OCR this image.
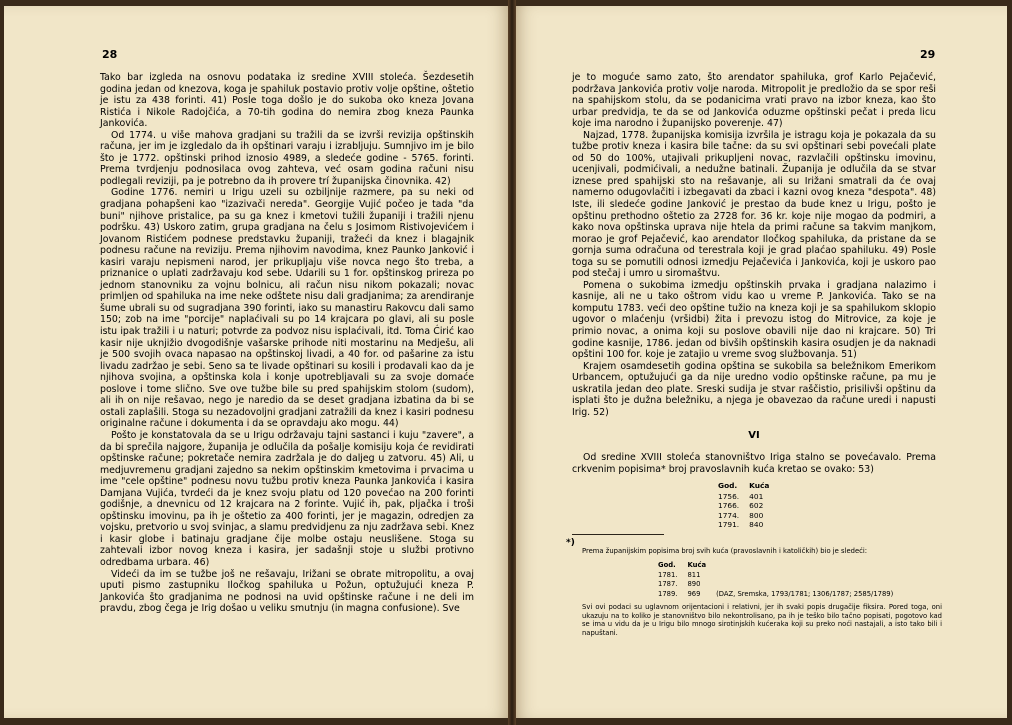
28	29

Tako bar izgleda na osnovu podataka iz sredine XVIII stoleća. Šezdesetih godina jedan od knezova, koga je spahiluk postavio protiv volje opštine, oštetio je istu za 438 forinti. 41) Posle toga došlo je do sukoba oko kneza Jovana Ristića i Nikole Radojčića, a 70-tih godina do nemira zbog kneza Paunka Jankovića.

Od 1774. u više mahova gradjani su tražili da se izvrši revizija opštinskih računa, jer im je izgledalo da ih opštinari varaju i izrabljuju. Sumnjivo im je bilo što je 1772. opštinski prihod iznosio 4989, a sledeće godine - 5765. forinti. Prema tvrdjenju podnosilaca ovog zahteva, već osam godina računi nisu podlegali reviziji, pa je potrebno da ih provere trí županijska činovnika. 42)

Godine 1776. nemiri u Irigu uzeli su ozbiljnije razmere, pa su neki od gradjana pohapšeni kao "izazivači nereda". Georgije Vujić počeo je tada "da buni" njihove pristalice, pa su ga knez i kmetovi tužili županiji i tražili njenu podršku. 43) Uskoro zatim, grupa gradjana na čelu s Josimom Ristivojevićem i Jovanom Ristićem podnese predstavku županiji, tražeći da knez i blagajnik podnesu račune na reviziju. Prema njihovim navodima, knez Paunko Janković i kasiri varaju nepismeni narod, jer prikupljaju više novca nego što treba, a priznanice o uplati zadržavaju kod sebe. Udarili su 1 for. opštinskog prireza po jednom stanovniku za vojnu bolnicu, ali račun nisu nikom pokazali; novac primljen od spahiluka na ime neke odštete nisu dali gradjanima; za arendiranje šume ubrali su od sugradjana 390 forinti, iako su manastiru Rakovcu dali samo 150; zob na ime "porcije" naplaćivali su po 14 krajcara po glavi, ali su posle istu ipak tražili i u naturi; potvrde za podvoz nisu isplaćivali, itd. Toma Ćirić kao kasir nije uknjižio dvogodišnje vašarske prihode niti mostarinu na Medješu, ali je 500 svojih ovaca napasao na opštinskoj livadi, a 40 for. od pašarine za istu livadu zadržao je sebi. Seno sa te livade opštinari su kosili i prodavali kao da je njihova svojina, a opštinska kola i konje upotrebljavali su za svoje domaće poslove i tome slično. Sve ove tužbe bile su pred spahijskim stolom (sudom), ali ih on nije rešavao, nego je naredio da se deset gradjana izbatina da bi se ostali zaplašili. Stoga su nezadovoljni gradjani zatražili da knez i kasiri podnesu originalne račune i dokumenta i da se opravdaju ako mogu. 44)

Pošto je konstatovala da se u Irigu održavaju tajni sastanci i kuju "zavere", a da bi sprečila najgore, županija je odlučila da pošalje komisiju koja će revidirati opštinske račune; pokretače nemira zadržala je do daljeg u zatvoru. 45) Ali, u medjuvremenu gradjani zajedno sa nekim opštinskim kmetovima i prvacima u ime "cele opštine" podnesu novu tužbu protiv kneza Paunka Jankovića i kasira Damjana Vujića, tvrdeći da je knez svoju platu od 120 povećao na 200 forinti godišnje, a dnevnicu od 12 krajcara na 2 forinte. Vujić ih, pak, pljačka i troši opštinsku imovinu, pa ih je oštetio za 400 forinti, jer je magazin, odredjen za vojsku, pretvorio u svoj svinjac, a slamu predvidjenu za nju zadržava sebi. Knez i kasir globe i batinaju gradjane čije molbe ostaju neuslišene. Stoga su zahtevali izbor novog kneza i kasira, jer sadašnji stoje u službi protivno odredbama urbara. 46)

Videći da im se tužbe još ne rešavaju, Irižani se obrate mitropolitu, a ovaj uputi pismo zastupniku Iločkog spahiluka u Požun, optužujući kneza P. Jankovića što gradjanima ne podnosi na uvid opštinske račune i ne deli im pravdu, zbog čega je Irig došao u veliku smutnju (in magna confusione). Sve

je to moguće samo zato, što arendator spahiluka, grof Karlo Pejačević, podržava Jankovića protiv volje naroda. Mitropolit je predložio da se spor reši na spahijskom stolu, da se podanicima vrati pravo na izbor kneza, kao što urbar predvidja, te da se od Jankovića oduzme opštinski pečat i preda licu koje ima narodno i županijsko poverenje. 47)

Najzad, 1778. županijska komisija izvršila je istragu koja je pokazala da su tužbe protiv kneza i kasira bile tačne: da su svi opštinari sebi povećali plate od 50 do 100%, utajivali prikupljeni novac, razvlačili opštinsku imovinu, ucenjivali, podmićivali, a nedužne batinali. Županija je odlučila da se stvar iznese pred spahijski sto na rešavanje, ali su Irižani smatrali da će ovaj namerno odugovlačiti i izbegavati da zbaci i kazni ovog kneza "despota". 48) Iste, ili sledeće godine Janković je prestao da bude knez u Irigu, pošto je opštinu prethodno oštetio za 2728 for. 36 kr. koje nije mogao da podmiri, a kako nova opštinska uprava nije htela da primi račune sa takvim manjkom, morao je grof Pejačević, kao arendator Iločkog spahiluka, da pristane da se gornja suma odračuna od terestrala koji je grad plaćao spahiluku. 49) Posle toga su se pomutili odnosi izmedju Pejačevića i Jankovića, koji je uskoro pao pod stečaj i umro u siromaštvu.

Pomena o sukobima izmedju opštinskih prvaka i gradjana nalazimo i kasnije, ali ne u tako oštrom vidu kao u vreme P. Jankovića. Tako se na komputu 1783. veći deo opštine tužio na kneza koji je sa spahilukom sklopio ugovor o mlaćenju (vršidbi) žita i prevozu istog do Mitrovice, za koje je primio novac, a onima koji su poslove obavili nije dao ni krajcare. 50) Tri godine kasnije, 1786. jedan od bivših opštinskih kasira osudjen je da naknadi opštini 100 for. koje je zatajio u vreme svog službovanja. 51)

Krajem osamdesetih godina opština se sukobila sa beležnikom Emerikom Urbancem, optužujući ga da nije uredno vodio opštinske račune, pa mu je uskratila jedan deo plate. Sreski sudija je stvar raščistio, prisilivši opštinu da isplati što je dužna beležniku, a njega je obavezao da račune uredi i napusti Irig. 52)

VI

Od sredine XVIII stoleća stanovništvo Iriga stalno se povećavalo. Prema crkvenim popisima* broj pravoslavnih kuća kretao se ovako: 53)

God.	Kuća
1756.	401
1766.	602
1774.	800
1791.	840
*)
Prema županijskim popisima broj svih kuća (pravoslavnih i katoličkih) bio je sledeći:
God.	Kuća	
1781.	811	
1787.	890	
1789.	969	(DAZ, Sremska, 1793/1781; 1306/1787; 2585/1789)
Svi ovi podaci su uglavnom orijentacioni i relativni, jer ih svaki popis drugačije fiksira. Pored toga, oni ukazuju na to koliko je stanovništvo bilo nekontrolisano, pa ih je teško bilo tačno popisati, pogotovo kad se ima u vidu da je u Irigu bilo mnogo sirotinjskih kućeraka koji su preko noći nastajali, a isto tako bili i napuštani.
